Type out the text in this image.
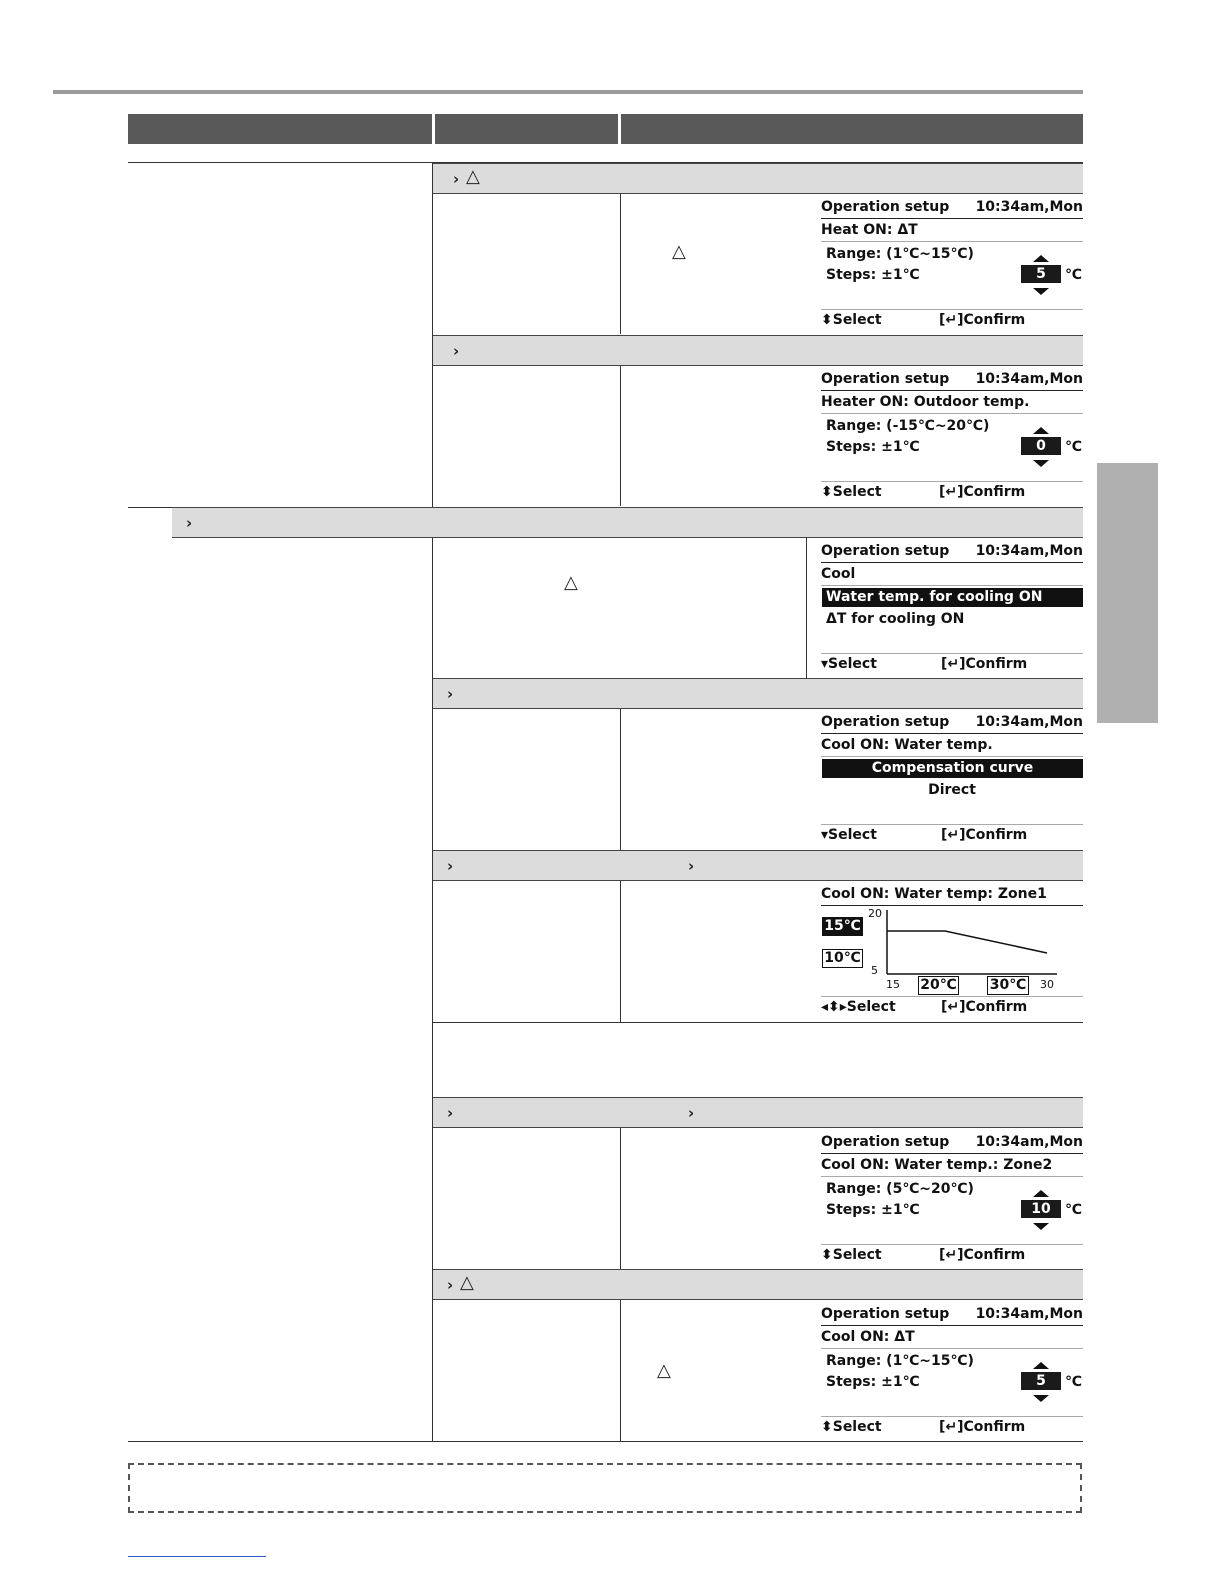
› △
›
›
›
›	›
›	›
› △
△
△
△
Operation setup 10:34am,Mon
Heat ON: ΔT
Range: (1℃~15℃)
Steps: ±1℃	5	℃
⬍Select	[↵]Confirm
Operation setup 10:34am,Mon
Heater ON: Outdoor temp.
Range: (-15℃~20℃)
Steps: ±1℃	0	℃
⬍Select	[↵]Confirm
Operation setup 10:34am,Mon
Cool
Water temp. for cooling ON
ΔT for cooling ON
▾Select	[↵]Confirm
Operation setup 10:34am,Mon
Cool ON: Water temp.
Compensation curve
Direct
▾Select	[↵]Confirm
Cool ON: Water temp: Zone1
15℃
10℃
20
5
15	30
20℃ 30℃
◂⬍▸Select	[↵]Confirm
Operation setup 10:34am,Mon
Cool ON: Water temp.: Zone2
Range: (5℃~20℃)
Steps: ±1℃	10	℃
⬍Select	[↵]Confirm
Operation setup 10:34am,Mon
Cool ON: ΔT
Range: (1℃~15℃)
Steps: ±1℃	5	℃
⬍Select	[↵]Confirm
